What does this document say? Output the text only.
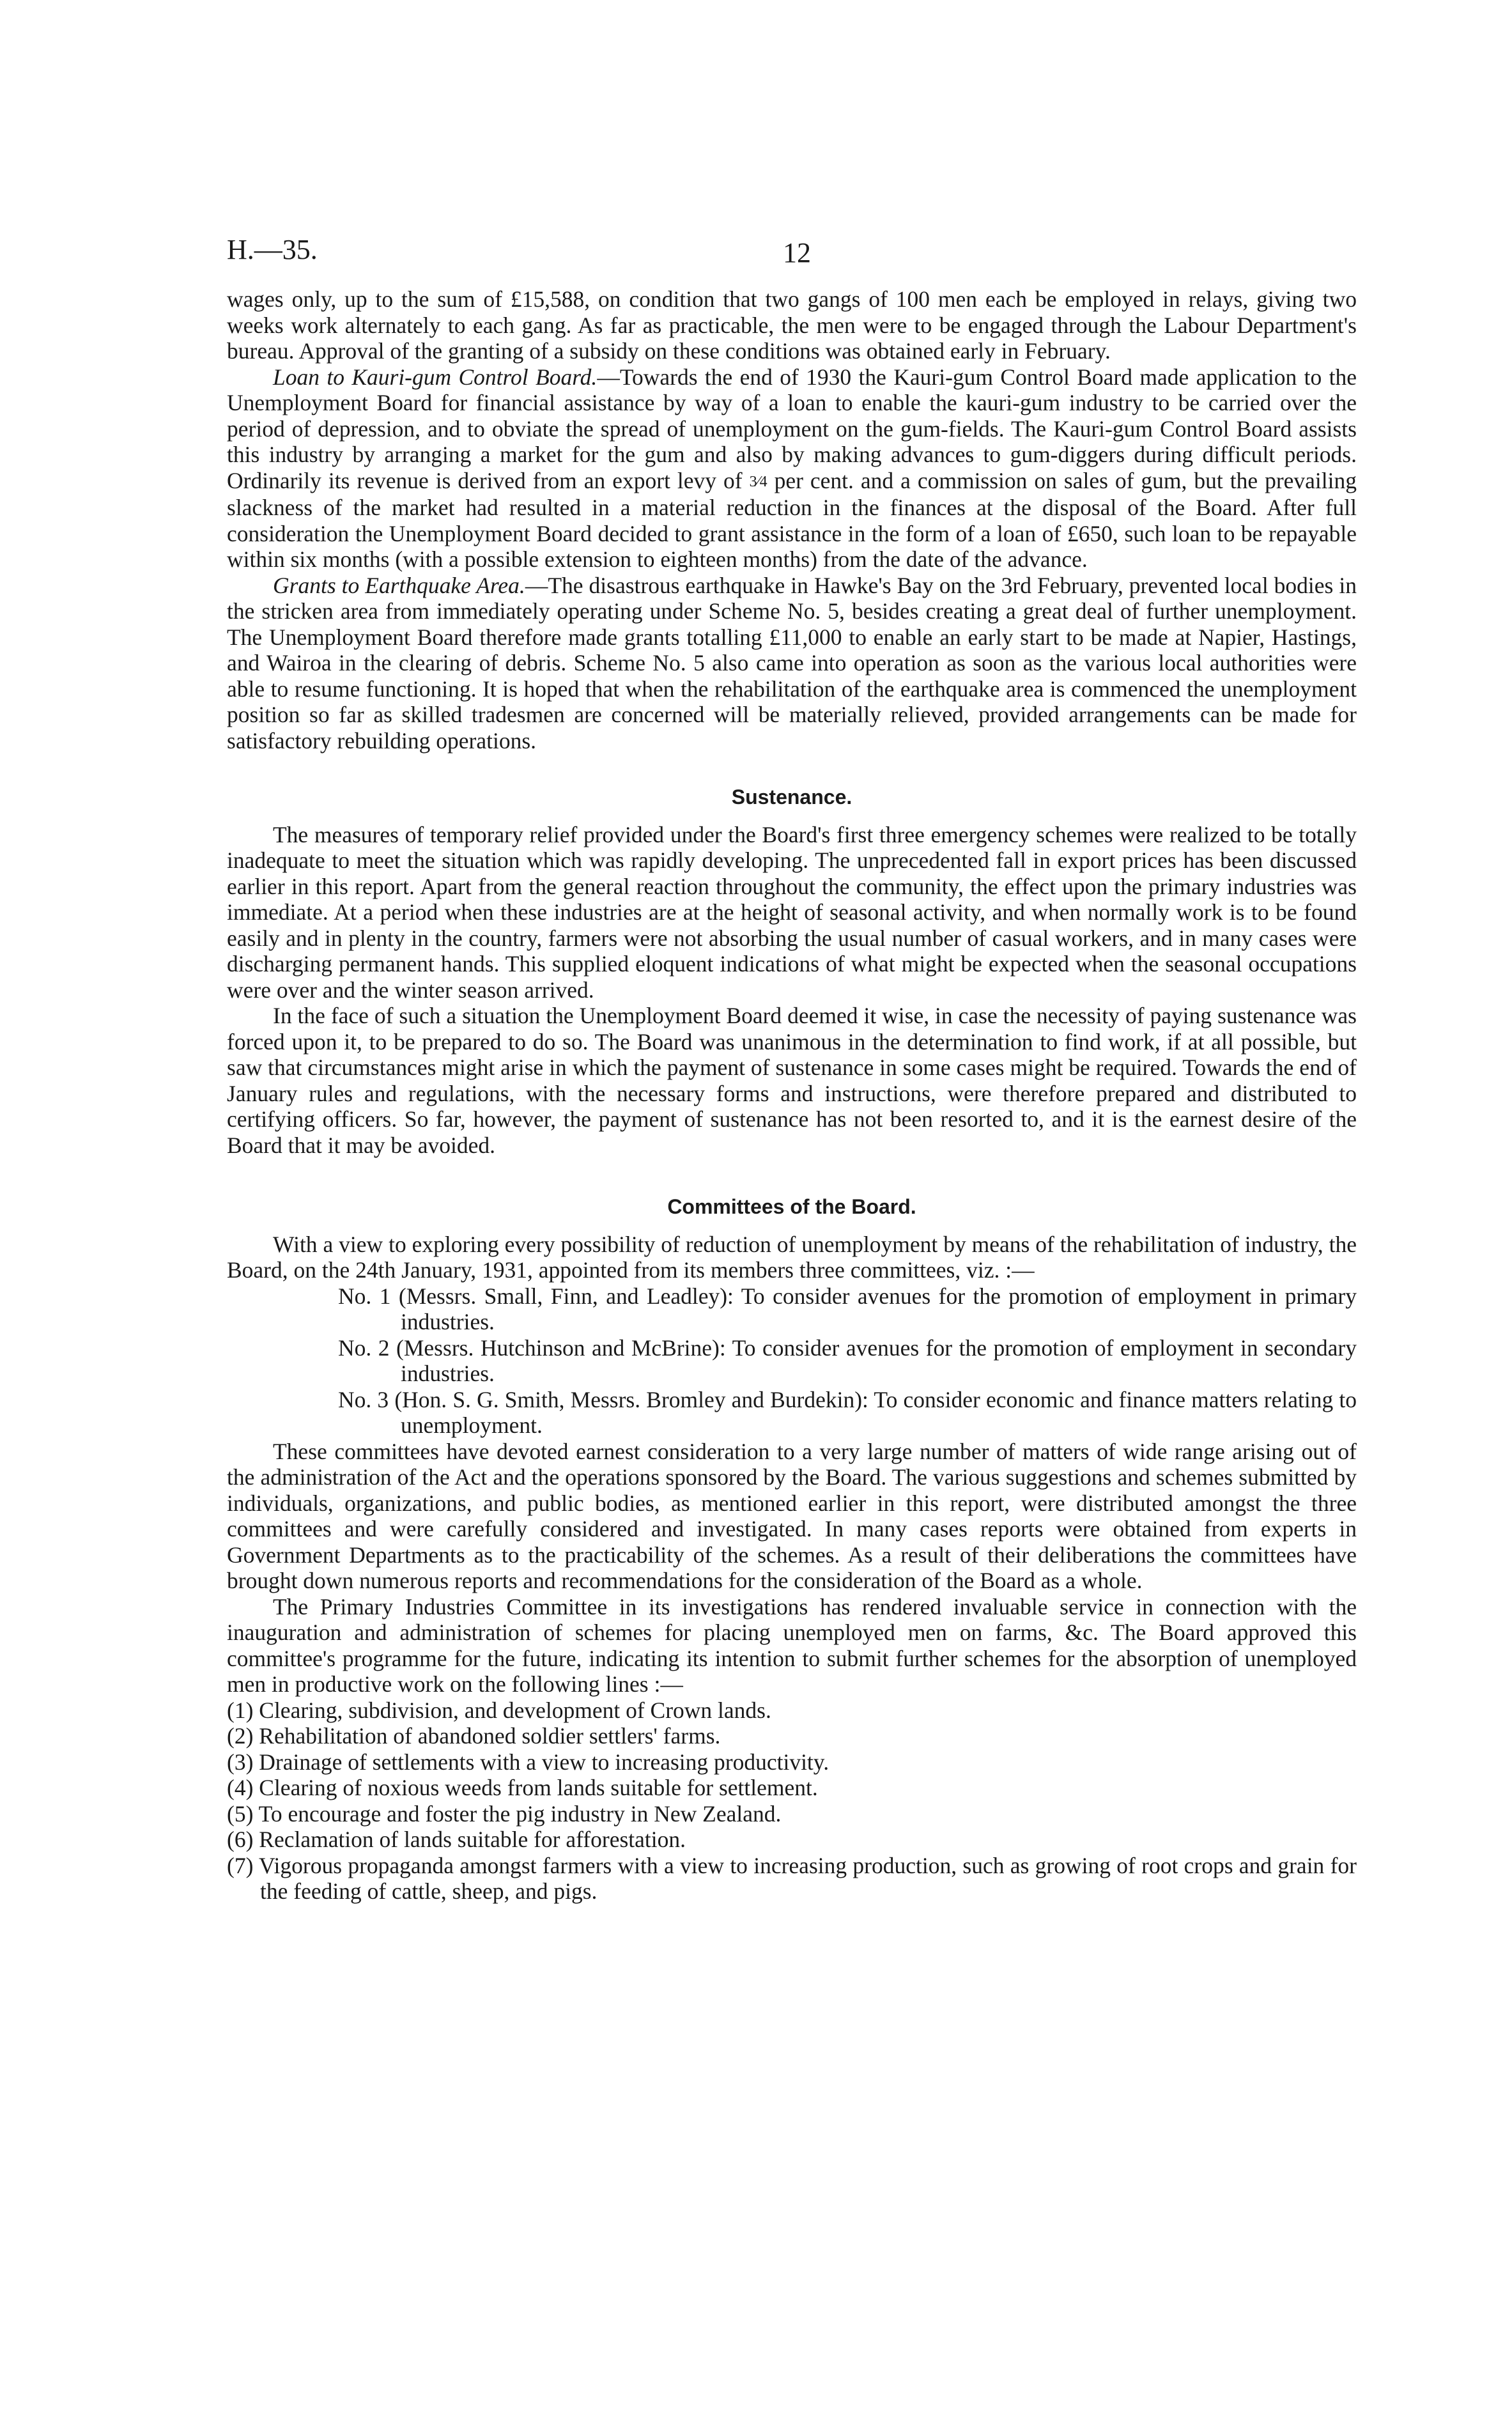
H.—35.	12

wages only, up to the sum of £15,588, on condition that two gangs of 100 men each be employed in relays, giving two weeks work alternately to each gang. As far as practicable, the men were to be engaged through the Labour Department's bureau. Approval of the granting of a subsidy on these conditions was obtained early in February.

Loan to Kauri-gum Control Board.—Towards the end of 1930 the Kauri-gum Control Board made application to the Unemployment Board for financial assistance by way of a loan to enable the kauri-gum industry to be carried over the period of depression, and to obviate the spread of unemployment on the gum-fields. The Kauri-gum Control Board assists this industry by arranging a market for the gum and also by making advances to gum-diggers during difficult periods. Ordinarily its revenue is derived from an export levy of 3⁄4 per cent. and a commission on sales of gum, but the prevailing slackness of the market had resulted in a material reduction in the finances at the disposal of the Board. After full consideration the Unemployment Board decided to grant assistance in the form of a loan of £650, such loan to be repayable within six months (with a possible extension to eighteen months) from the date of the advance.

Grants to Earthquake Area.—The disastrous earthquake in Hawke's Bay on the 3rd February, prevented local bodies in the stricken area from immediately operating under Scheme No. 5, besides creating a great deal of further unemployment. The Unemployment Board therefore made grants totalling £11,000 to enable an early start to be made at Napier, Hastings, and Wairoa in the clearing of debris. Scheme No. 5 also came into operation as soon as the various local authorities were able to resume functioning. It is hoped that when the rehabilitation of the earthquake area is commenced the unemployment position so far as skilled tradesmen are concerned will be materially relieved, provided arrangements can be made for satisfactory rebuilding operations.

Sustenance.

The measures of temporary relief provided under the Board's first three emergency schemes were realized to be totally inadequate to meet the situation which was rapidly developing. The unprecedented fall in export prices has been discussed earlier in this report. Apart from the general reaction throughout the community, the effect upon the primary industries was immediate. At a period when these industries are at the height of seasonal activity, and when normally work is to be found easily and in plenty in the country, farmers were not absorbing the usual number of casual workers, and in many cases were discharging permanent hands. This supplied eloquent indications of what might be expected when the seasonal occupations were over and the winter season arrived.

In the face of such a situation the Unemployment Board deemed it wise, in case the necessity of paying sustenance was forced upon it, to be prepared to do so. The Board was unanimous in the determination to find work, if at all possible, but saw that circumstances might arise in which the payment of sustenance in some cases might be required. Towards the end of January rules and regulations, with the necessary forms and instructions, were therefore prepared and distributed to certifying officers. So far, however, the payment of sustenance has not been resorted to, and it is the earnest desire of the Board that it may be avoided.

Committees of the Board.

With a view to exploring every possibility of reduction of unemployment by means of the rehabilitation of industry, the Board, on the 24th January, 1931, appointed from its members three committees, viz. :—

No. 1 (Messrs. Small, Finn, and Leadley): To consider avenues for the promotion of employment in primary industries.

No. 2 (Messrs. Hutchinson and McBrine): To consider avenues for the promotion of employment in secondary industries.

No. 3 (Hon. S. G. Smith, Messrs. Bromley and Burdekin): To consider economic and finance matters relating to unemployment.

These committees have devoted earnest consideration to a very large number of matters of wide range arising out of the administration of the Act and the operations sponsored by the Board. The various suggestions and schemes submitted by individuals, organizations, and public bodies, as mentioned earlier in this report, were distributed amongst the three committees and were carefully considered and investigated. In many cases reports were obtained from experts in Government Departments as to the practicability of the schemes. As a result of their deliberations the committees have brought down numerous reports and recommendations for the consideration of the Board as a whole.

The Primary Industries Committee in its investigations has rendered invaluable service in connection with the inauguration and administration of schemes for placing unemployed men on farms, &c. The Board approved this committee's programme for the future, indicating its intention to submit further schemes for the absorption of unemployed men in productive work on the following lines :—

(1) Clearing, subdivision, and development of Crown lands.

(2) Rehabilitation of abandoned soldier settlers' farms.

(3) Drainage of settlements with a view to increasing productivity.

(4) Clearing of noxious weeds from lands suitable for settlement.

(5) To encourage and foster the pig industry in New Zealand.

(6) Reclamation of lands suitable for afforestation.

(7) Vigorous propaganda amongst farmers with a view to increasing production, such as growing of root crops and grain for the feeding of cattle, sheep, and pigs.
